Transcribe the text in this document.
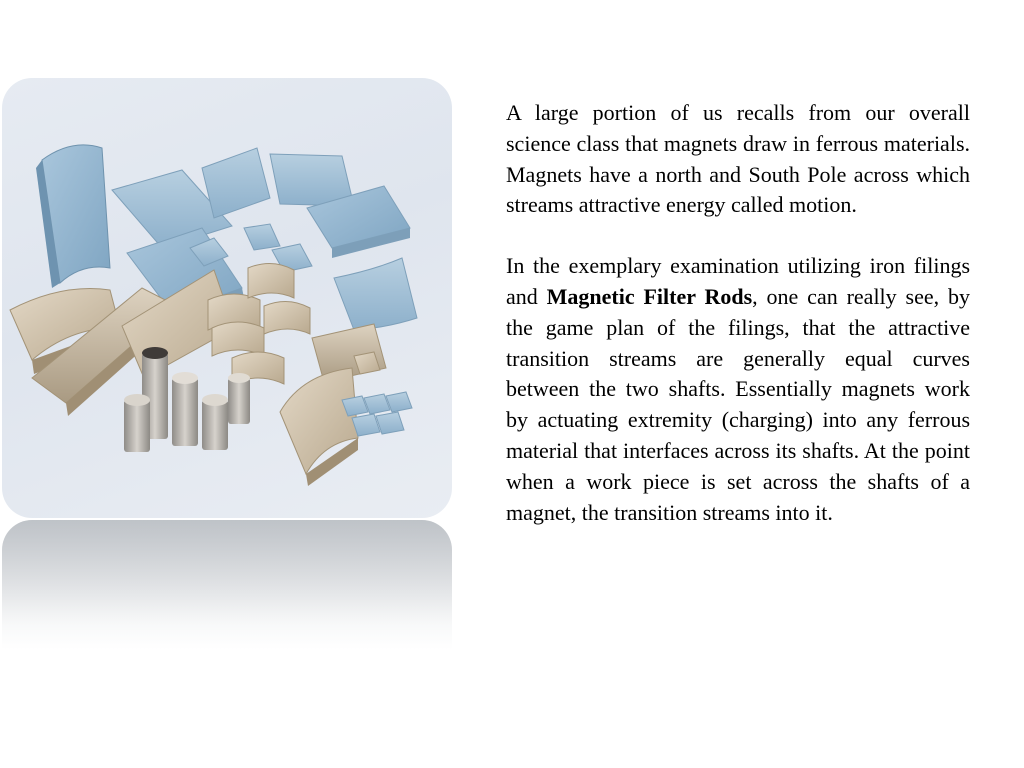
A large portion of us recalls from our overall science class that magnets draw in ferrous materials. Magnets have a north and South Pole across which streams attractive energy called motion.

In the exemplary examination utilizing iron filings and Magnetic Filter Rods, one can really see, by the game plan of the filings, that the attractive transition streams are generally equal curves between the two shafts. Essentially magnets work by actuating extremity (charging) into any ferrous material that interfaces across its shafts. At the point when a work piece is set across the shafts of a magnet, the transition streams into it.
